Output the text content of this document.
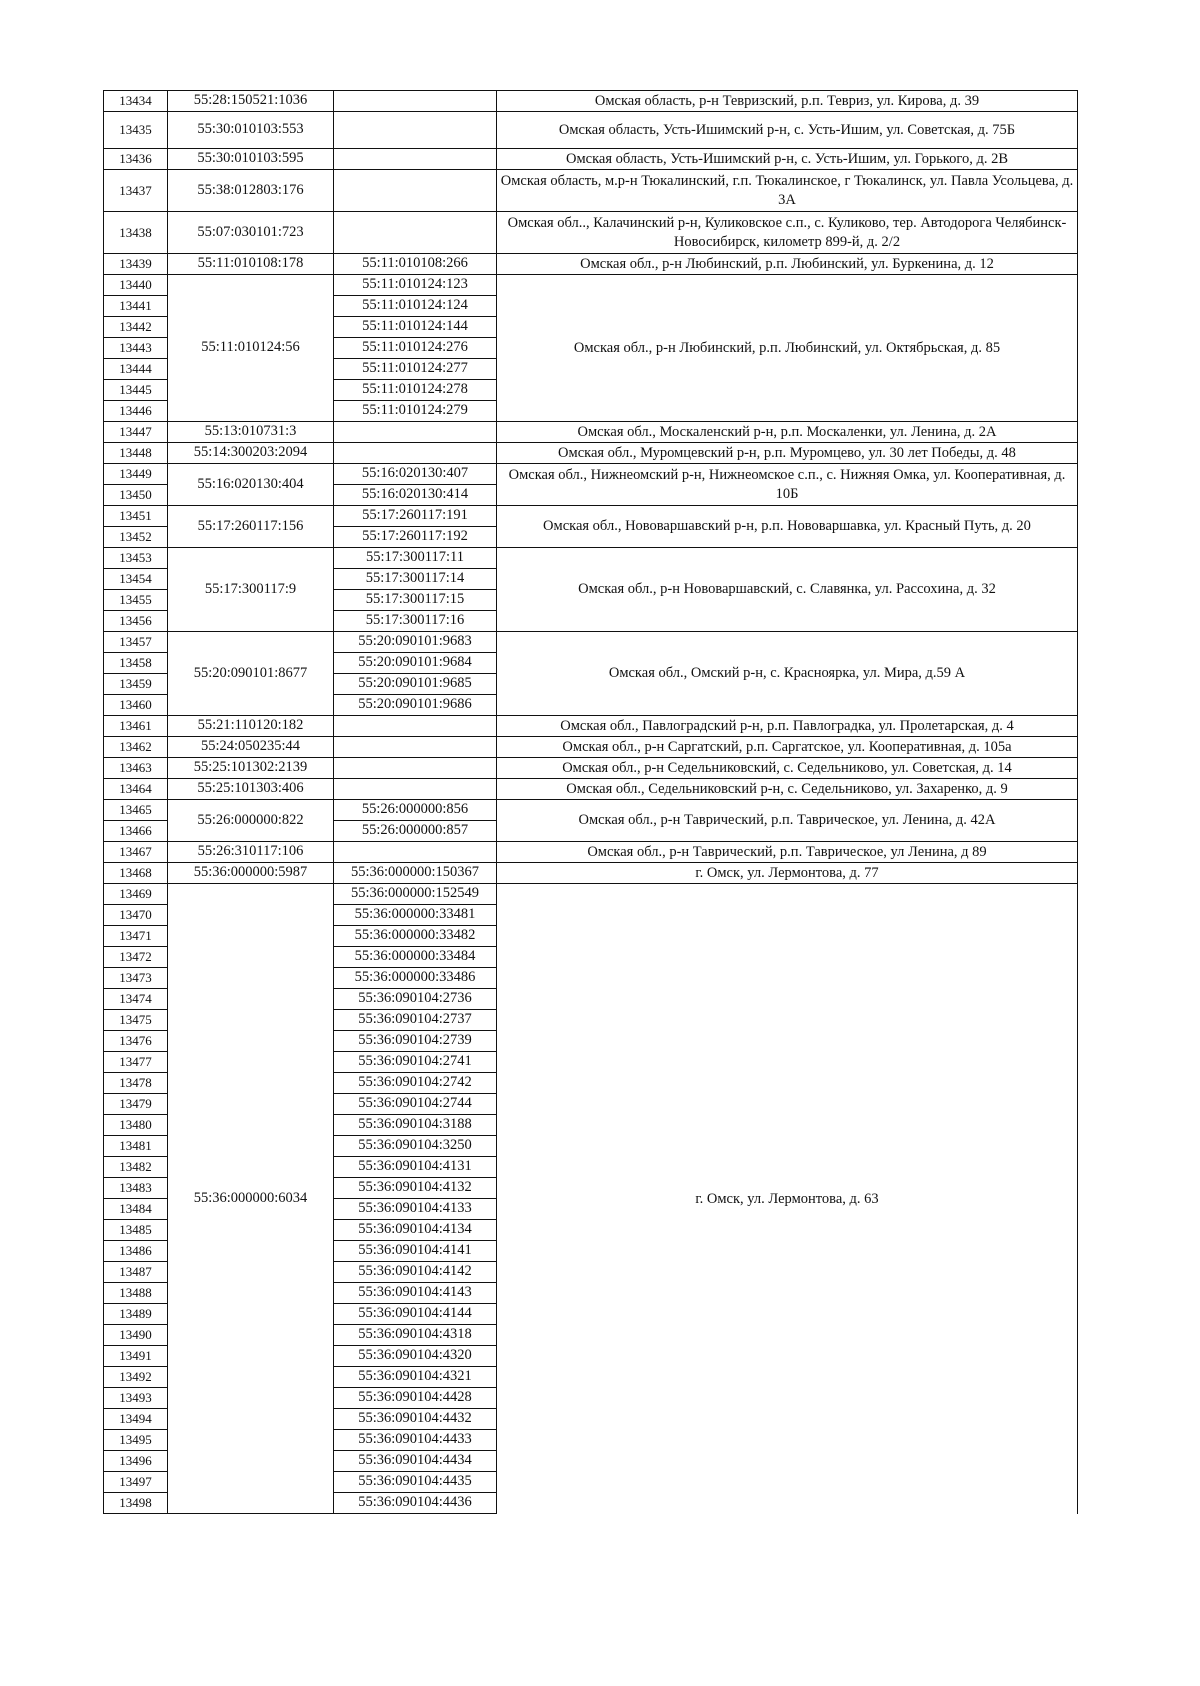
13434	55:28:150521:1036		Омская область, р-н Тевризский, р.п. Тевриз, ул. Кирова, д. 39
13435	55:30:010103:553		Омская область, Усть-Ишимский р-н, с. Усть-Ишим, ул. Советская, д. 75Б
13436	55:30:010103:595		Омская область, Усть-Ишимский р-н, с. Усть-Ишим, ул. Горького, д. 2В
13437	55:38:012803:176		Омская область, м.р-н Тюкалинский, г.п. Тюкалинское, г Тюкалинск, ул. Павла Усольцева, д. 3А
13438	55:07:030101:723		Омская обл.., Калачинский р-н, Куликовское с.п., с. Куликово, тер. Автодорога Челябинск-Новосибирск, километр 899-й, д. 2/2
13439	55:11:010108:178	55:11:010108:266	Омская обл., р-н Любинский, р.п. Любинский, ул. Буркенина, д. 12
13440	55:11:010124:56	55:11:010124:123	Омская обл., р-н Любинский, р.п. Любинский, ул. Октябрьская, д. 85
13441		55:11:010124:124	
13442		55:11:010124:144	
13443		55:11:010124:276	
13444		55:11:010124:277	
13445		55:11:010124:278	
13446		55:11:010124:279	
13447	55:13:010731:3		Омская обл., Москаленский р-н, р.п. Москаленки, ул. Ленина, д. 2А
13448	55:14:300203:2094		Омская обл., Муромцевский р-н, р.п. Муромцево, ул. 30 лет Победы, д. 48
13449	55:16:020130:404	55:16:020130:407	Омская обл., Нижнеомский р-н, Нижнеомское с.п., с. Нижняя Омка, ул. Кооперативная, д. 10Б
13450		55:16:020130:414	
13451	55:17:260117:156	55:17:260117:191	Омская обл., Нововаршавский р-н, р.п. Нововаршавка, ул. Красный Путь, д. 20
13452		55:17:260117:192	
13453	55:17:300117:9	55:17:300117:11	Омская обл., р-н Нововаршавский, с. Славянка, ул. Рассохина, д. 32
13454		55:17:300117:14	
13455		55:17:300117:15	
13456		55:17:300117:16	
13457	55:20:090101:8677	55:20:090101:9683	Омская обл., Омский р-н, с. Красноярка, ул. Мира, д.59 А
13458		55:20:090101:9684	
13459		55:20:090101:9685	
13460		55:20:090101:9686	
13461	55:21:110120:182		Омская обл., Павлоградский р-н, р.п. Павлоградка, ул. Пролетарская, д. 4
13462	55:24:050235:44		Омская обл., р-н Саргатский, р.п. Саргатское, ул. Кооперативная, д. 105а
13463	55:25:101302:2139		Омская обл., р-н Седельниковский, с. Седельниково, ул. Советская, д. 14
13464	55:25:101303:406		Омская обл., Седельниковский р-н, с. Седельниково, ул. Захаренко, д. 9
13465	55:26:000000:822	55:26:000000:856	Омская обл., р-н Таврический, р.п. Таврическое, ул. Ленина, д. 42А
13466		55:26:000000:857	
13467	55:26:310117:106		Омская обл., р-н Таврический, р.п. Таврическое, ул Ленина, д 89
13468	55:36:000000:5987	55:36:000000:150367	г. Омск, ул. Лермонтова, д. 77
13469	55:36:000000:6034	55:36:000000:152549	г. Омск, ул. Лермонтова, д. 63
13470		55:36:000000:33481	
13471		55:36:000000:33482	
13472		55:36:000000:33484	
13473		55:36:000000:33486	
13474		55:36:090104:2736	
13475		55:36:090104:2737	
13476		55:36:090104:2739	
13477		55:36:090104:2741	
13478		55:36:090104:2742	
13479		55:36:090104:2744	
13480		55:36:090104:3188	
13481		55:36:090104:3250	
13482		55:36:090104:4131	
13483		55:36:090104:4132	
13484		55:36:090104:4133	
13485		55:36:090104:4134	
13486		55:36:090104:4141	
13487		55:36:090104:4142	
13488		55:36:090104:4143	
13489		55:36:090104:4144	
13490		55:36:090104:4318	
13491		55:36:090104:4320	
13492		55:36:090104:4321	
13493		55:36:090104:4428	
13494		55:36:090104:4432	
13495		55:36:090104:4433	
13496		55:36:090104:4434	
13497		55:36:090104:4435	
13498		55:36:090104:4436	
